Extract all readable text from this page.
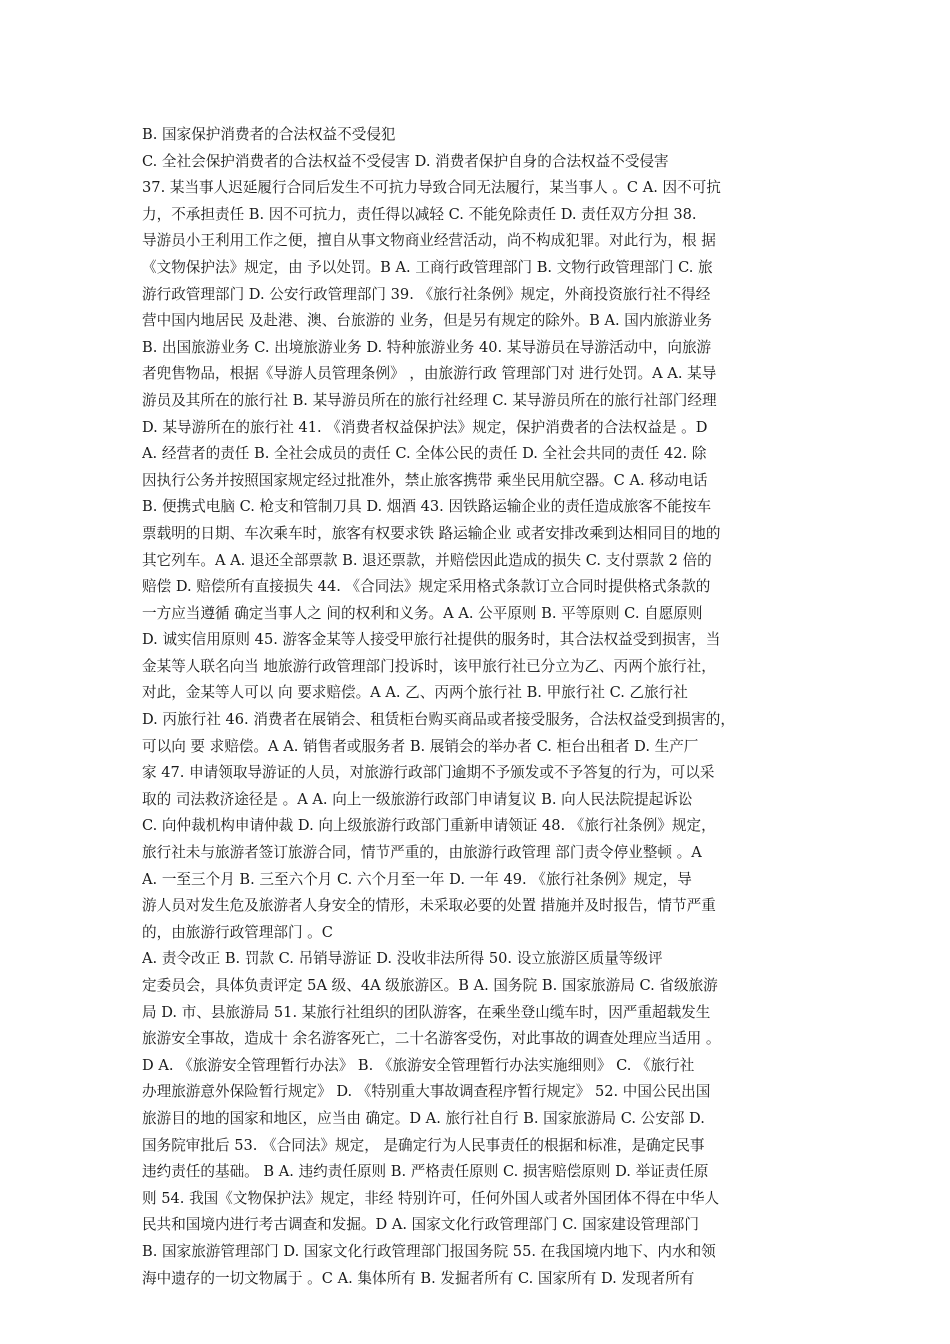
B. 国家保护消费者的合法权益不受侵犯
C. 全社会保护消费者的合法权益不受侵害 D. 消费者保护自身的合法权益不受侵害
37. 某当事人迟延履行合同后发生不可抗力导致合同无法履行，某当事人 。C A. 因不可抗
力，不承担责任 B. 因不可抗力，责任得以减轻 C. 不能免除责任 D. 责任双方分担 38.
导游员小王利用工作之便，擅自从事文物商业经营活动，尚不构成犯罪。对此行为，根 据
《文物保护法》规定，由 予以处罚。B A. 工商行政管理部门 B. 文物行政管理部门 C. 旅
游行政管理部门 D. 公安行政管理部门 39. 《旅行社条例》规定，外商投资旅行社不得经
营中国内地居民 及赴港、澳、台旅游的 业务，但是另有规定的除外。B A. 国内旅游业务
B. 出国旅游业务 C. 出境旅游业务 D. 特种旅游业务 40. 某导游员在导游活动中，向旅游
者兜售物品，根据《导游人员管理条例》 ，由旅游行政 管理部门对 进行处罚。A A. 某导
游员及其所在的旅行社 B. 某导游员所在的旅行社经理 C. 某导游员所在的旅行社部门经理
D. 某导游所在的旅行社 41. 《消费者权益保护法》规定，保护消费者的合法权益是 。D
A. 经营者的责任 B. 全社会成员的责任 C. 全体公民的责任 D. 全社会共同的责任 42. 除
因执行公务并按照国家规定经过批准外，禁止旅客携带 乘坐民用航空器。C A. 移动电话
B. 便携式电脑 C. 枪支和管制刀具 D. 烟酒 43. 因铁路运输企业的责任造成旅客不能按车
票载明的日期、车次乘车时，旅客有权要求铁 路运输企业 或者安排改乘到达相同目的地的
其它列车。A A. 退还全部票款 B. 退还票款，并赔偿因此造成的损失 C. 支付票款 2 倍的
赔偿 D. 赔偿所有直接损失 44. 《合同法》规定采用格式条款订立合同时提供格式条款的
一方应当遵循 确定当事人之 间的权利和义务。A A. 公平原则 B. 平等原则 C. 自愿原则
D. 诚实信用原则 45. 游客金某等人接受甲旅行社提供的服务时，其合法权益受到损害，当
金某等人联名向当 地旅游行政管理部门投诉时，该甲旅行社已分立为乙、丙两个旅行社，
对此，金某等人可以 向 要求赔偿。A A. 乙、丙两个旅行社 B. 甲旅行社 C. 乙旅行社
D. 丙旅行社 46. 消费者在展销会、租赁柜台购买商品或者接受服务，合法权益受到损害的，
可以向 要 求赔偿。A A. 销售者或服务者 B. 展销会的举办者 C. 柜台出租者 D. 生产厂
家 47. 申请领取导游证的人员，对旅游行政部门逾期不予颁发或不予答复的行为，可以采
取的 司法救济途径是 。A A. 向上一级旅游行政部门申请复议 B. 向人民法院提起诉讼
C. 向仲裁机构申请仲裁 D. 向上级旅游行政部门重新申请领证 48. 《旅行社条例》规定，
旅行社未与旅游者签订旅游合同，情节严重的，由旅游行政管理 部门责令停业整顿 。A
A. 一至三个月 B. 三至六个月 C. 六个月至一年 D. 一年 49. 《旅行社条例》规定，导
游人员对发生危及旅游者人身安全的情形，未采取必要的处置 措施并及时报告，情节严重
的，由旅游行政管理部门 。C
A. 责令改正 B. 罚款 C. 吊销导游证 D. 没收非法所得 50. 设立旅游区质量等级评
定委员会，具体负责评定 5A 级、4A 级旅游区。B A. 国务院 B. 国家旅游局 C. 省级旅游
局 D. 市、县旅游局 51. 某旅行社组织的团队游客，在乘坐登山缆车时，因严重超载发生
旅游安全事故，造成十 余名游客死亡，二十名游客受伤，对此事故的调查处理应当适用 。
D A. 《旅游安全管理暂行办法》 B. 《旅游安全管理暂行办法实施细则》 C. 《旅行社
办理旅游意外保险暂行规定》 D. 《特别重大事故调查程序暂行规定》 52. 中国公民出国
旅游目的地的国家和地区，应当由 确定。D A. 旅行社自行 B. 国家旅游局 C. 公安部 D.
国务院审批后 53. 《合同法》规定， 是确定行为人民事责任的根据和标准，是确定民事
违约责任的基础。 B A. 违约责任原则 B. 严格责任原则 C. 损害赔偿原则 D. 举证责任原
则 54. 我国《文物保护法》规定，非经 特别许可，任何外国人或者外国团体不得在中华人
民共和国境内进行考古调查和发掘。D A. 国家文化行政管理部门 C. 国家建设管理部门
B. 国家旅游管理部门 D. 国家文化行政管理部门报国务院 55. 在我国境内地下、内水和领
海中遗存的一切文物属于 。C A. 集体所有 B. 发掘者所有 C. 国家所有 D. 发现者所有
